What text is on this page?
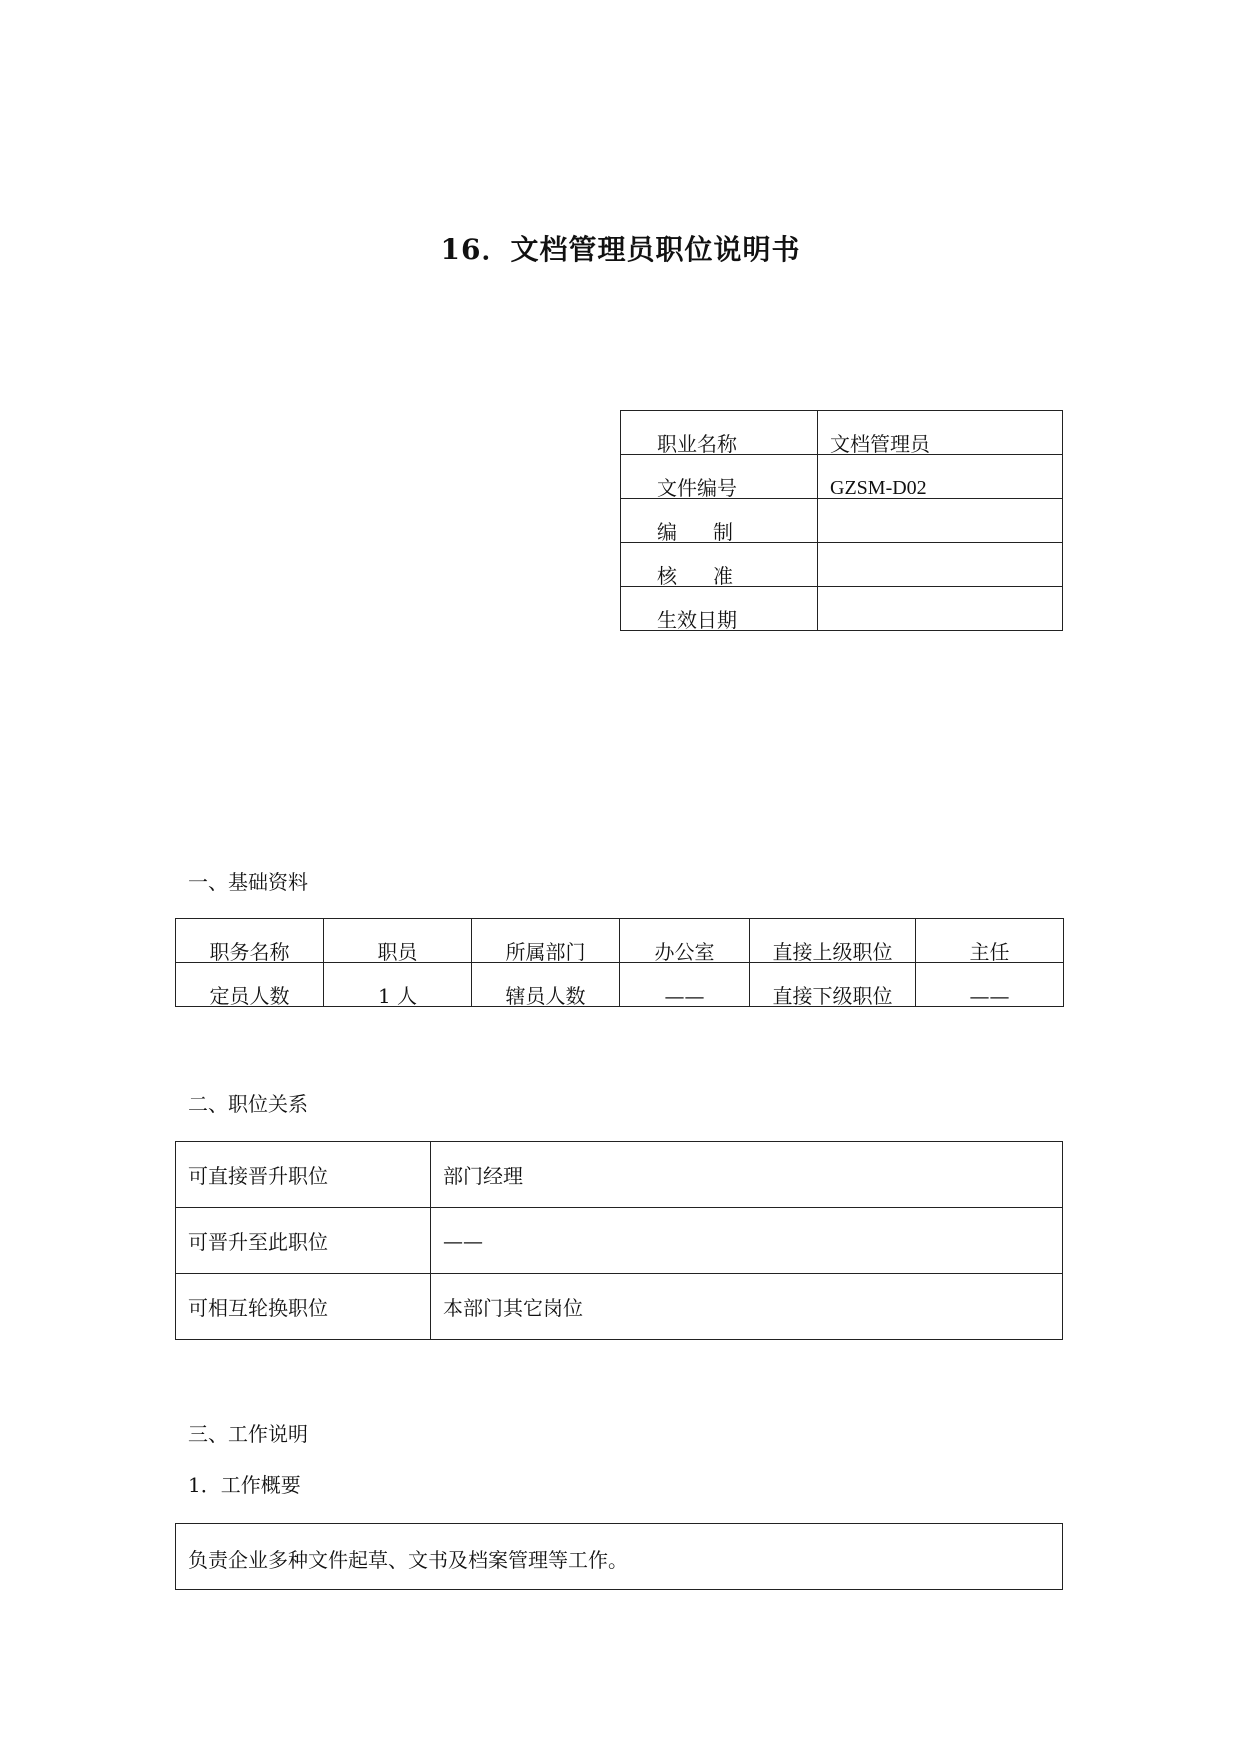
16．文档管理员职位说明书
职业名称	文档管理员
文件编号	GZSM-D02
编 制	
核 准	
生效日期	
一、基础资料
职务名称	职员	所属部门	办公室	直接上级职位	主任
定员人数	1 人	辖员人数	——	直接下级职位	——
二、职位关系
可直接晋升职位	部门经理
可晋升至此职位	——
可相互轮换职位	本部门其它岗位
三、工作说明
1．工作概要
负责企业多种文件起草、文书及档案管理等工作。
